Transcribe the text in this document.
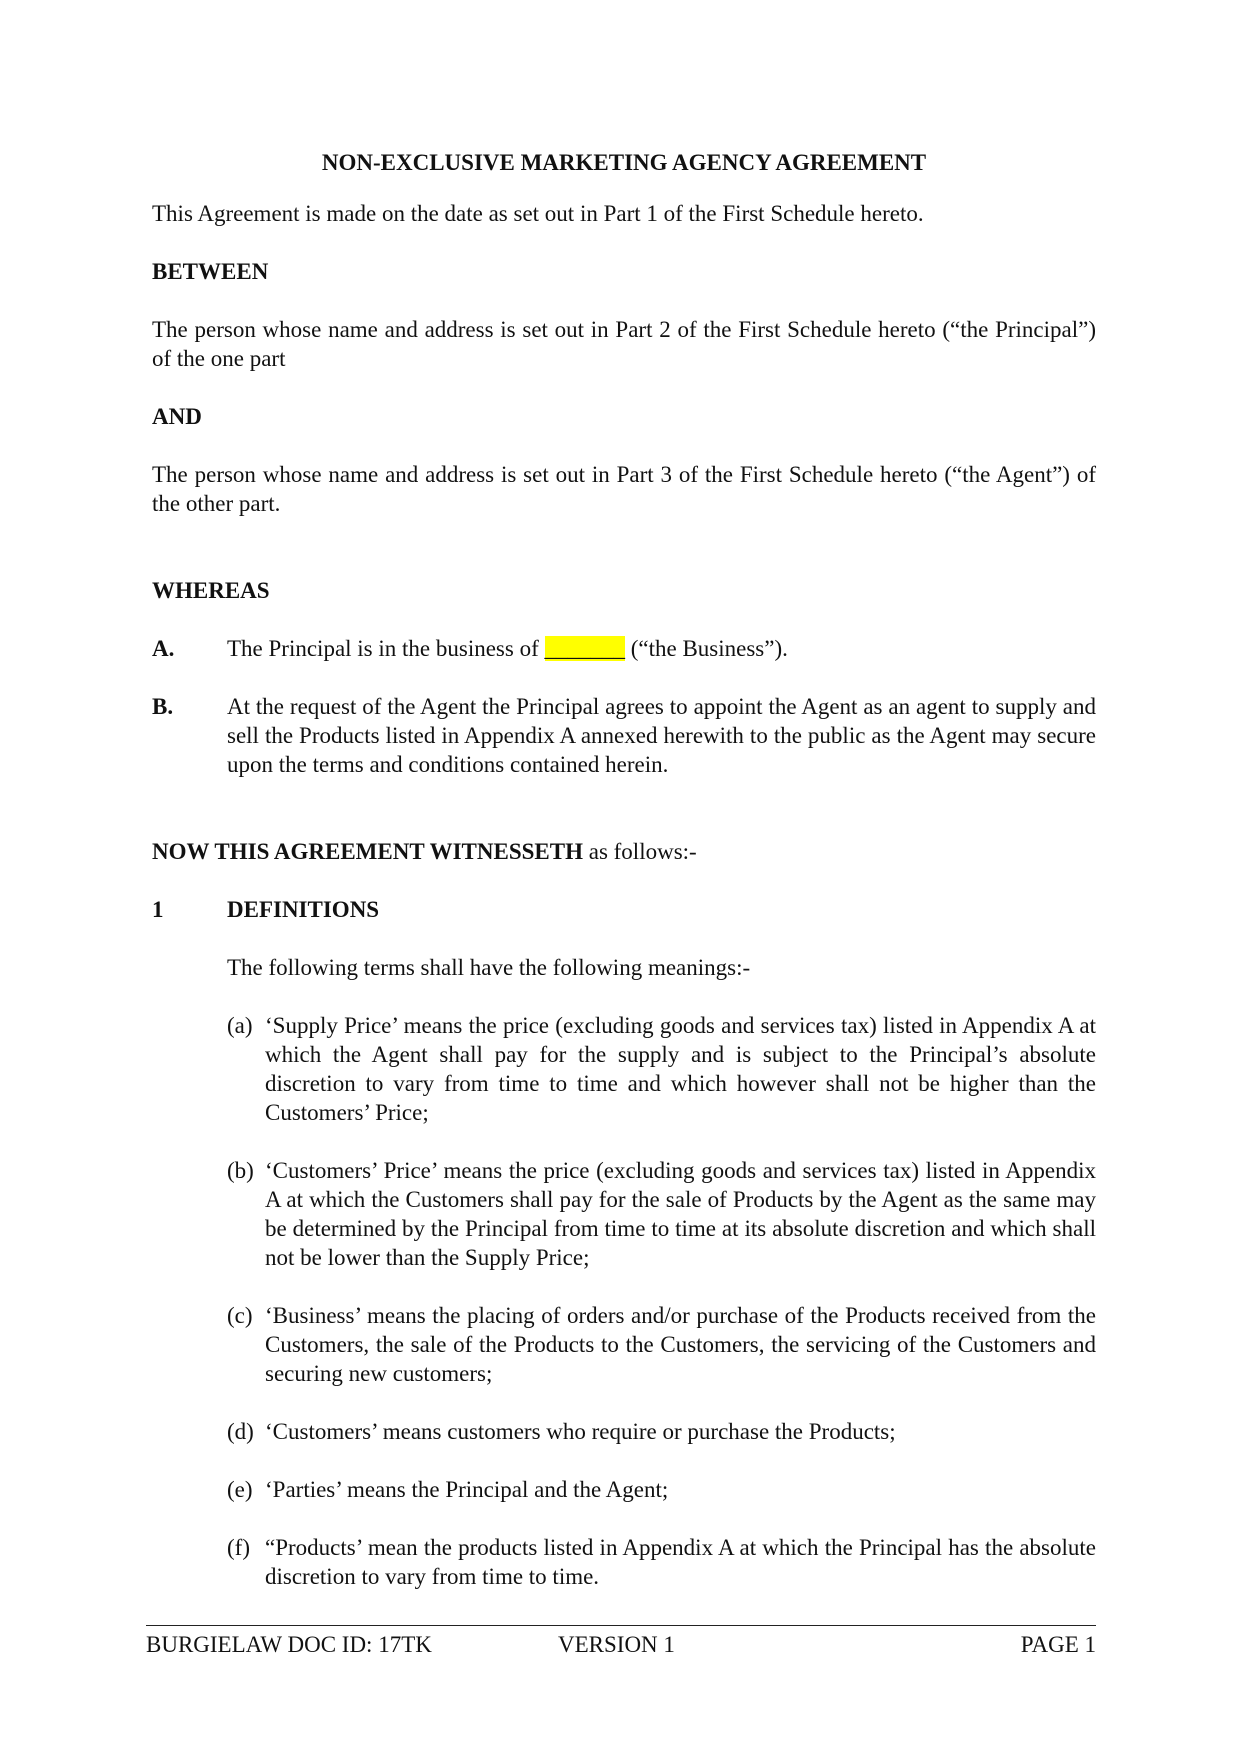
NON-EXCLUSIVE MARKETING AGENCY AGREEMENT

This Agreement is made on the date as set out in Part 1 of the First Schedule hereto.

BETWEEN

The person whose name and address is set out in Part 2 of the First Schedule hereto (“the Principal”) of the one part

AND

The person whose name and address is set out in Part 3 of the First Schedule hereto (“the Agent”) of the other part.

WHEREAS

A.	The Principal is in the business of _______ (“the Business”).
B.	At the request of the Agent the Principal agrees to appoint the Agent as an agent to supply and sell the Products listed in Appendix A annexed herewith to the public as the Agent may secure upon the terms and conditions contained herein.

NOW THIS AGREEMENT WITNESSETH as follows:-

1	DEFINITIONS

The following terms shall have the following meanings:-

(a) ‘Supply Price’ means the price (excluding goods and services tax) listed in Appendix A at which the Agent shall pay for the supply and is subject to the Principal’s absolute discretion to vary from time to time and which however shall not be higher than the Customers’ Price;
(b) ‘Customers’ Price’ means the price (excluding goods and services tax) listed in Appendix A at which the Customers shall pay for the sale of Products by the Agent as the same may be determined by the Principal from time to time at its absolute discretion and which shall not be lower than the Supply Price;
(c) ‘Business’ means the placing of orders and/or purchase of the Products received from the Customers, the sale of the Products to the Customers, the servicing of the Customers and securing new customers;
(d) ‘Customers’ means customers who require or purchase the Products;
(e) ‘Parties’ means the Principal and the Agent;
(f) “Products’ mean the products listed in Appendix A at which the Principal has the absolute discretion to vary from time to time.
BURGIELAW DOC ID: 17TK	VERSION 1	PAGE 1
